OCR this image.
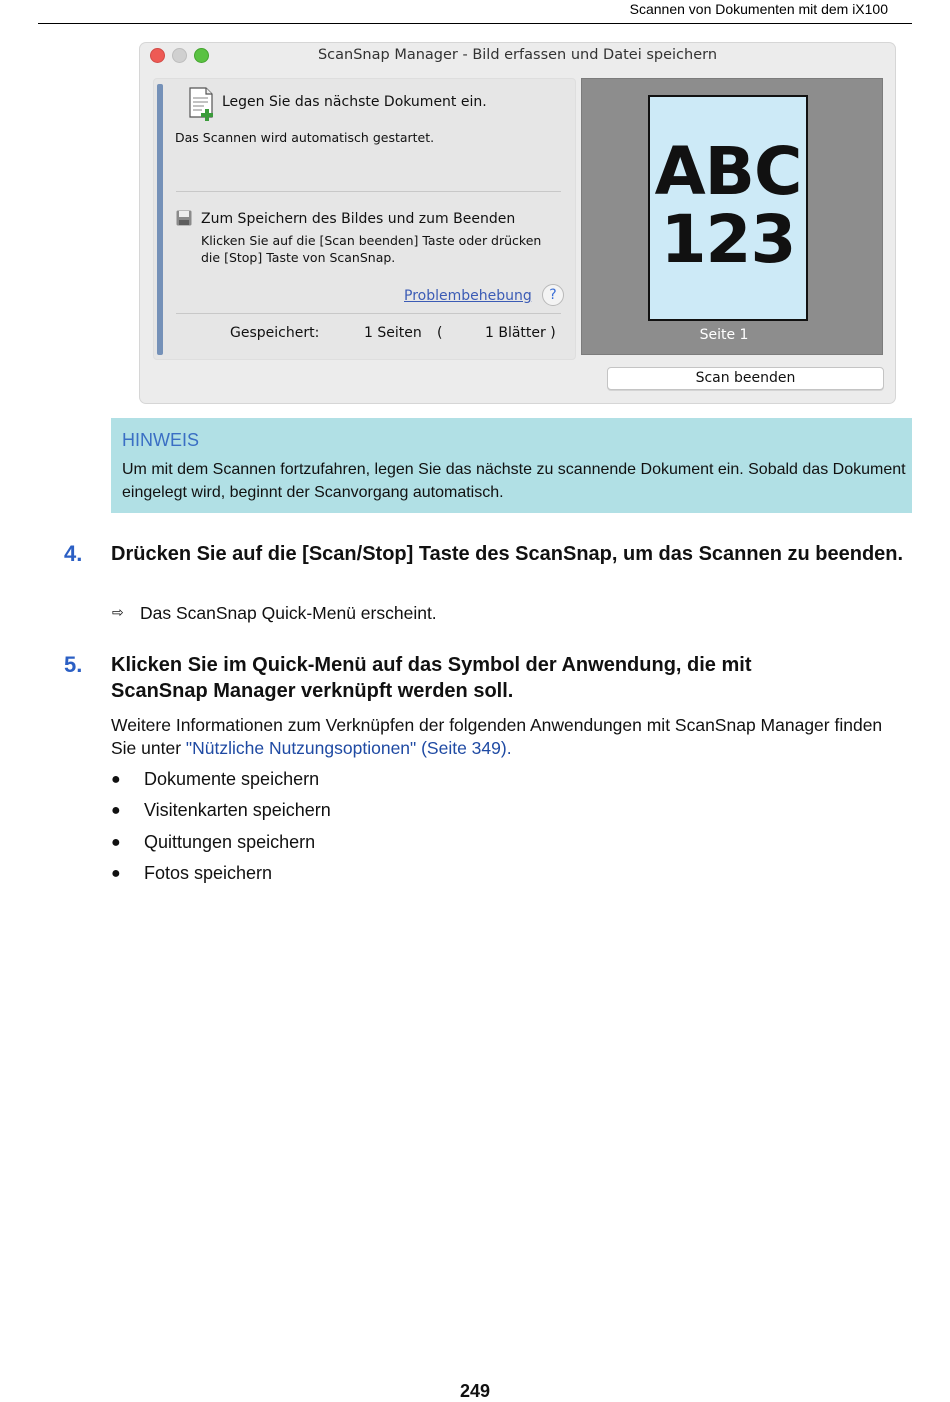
Scannen von Dokumenten mit dem iX100
ScanSnap Manager - Bild erfassen und Datei speichern
Legen Sie das nächste Dokument ein.
Das Scannen wird automatisch gestartet.
Zum Speichern des Bildes und zum Beenden
Klicken Sie auf die [Scan beenden] Taste oder drücken die [Stop] Taste von ScanSnap.
Problembehebung	?
Gespeichert:	1 Seiten (	1 Blätter )
ABC
123
Seite 1
Scan beenden
HINWEIS
Um mit dem Scannen fortzufahren, legen Sie das nächste zu scannende Dokument ein. Sobald das Dokument eingelegt wird, beginnt der Scanvorgang automatisch.
4. Drücken Sie auf die [Scan/Stop] Taste des ScanSnap, um das Scannen zu beenden.
⇨ Das ScanSnap Quick-Menü erscheint.
5. Klicken Sie im Quick-Menü auf das Symbol der Anwendung, die mit ScanSnap Manager verknüpft werden soll.
Weitere Informationen zum Verknüpfen der folgenden Anwendungen mit ScanSnap Manager finden Sie unter "Nützliche Nutzungsoptionen" (Seite 349).
● Dokumente speichern
● Visitenkarten speichern
● Quittungen speichern
● Fotos speichern
249
